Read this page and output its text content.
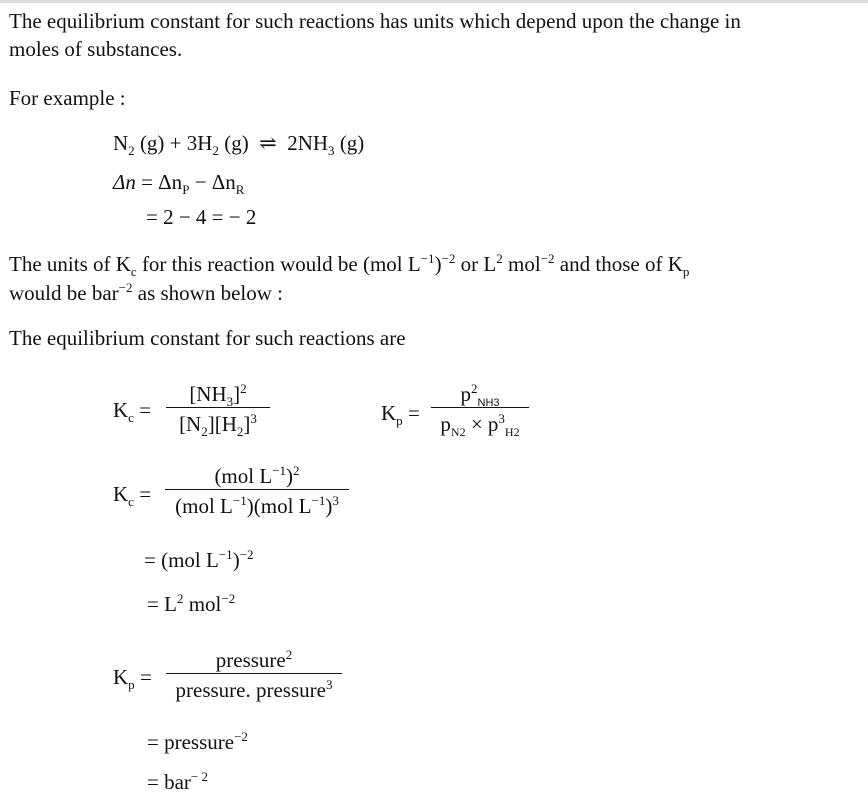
The equilibrium constant for such reactions has units which depend upon the change in
moles of substances.
For example :
$N_2$ $(g) + 3H_2$ (g) ⇌ $2NH_3$ (g)
$\Delta n = \Delta n_P - \Delta n_R$
= 2 − 4 = − 2
The units of $K_c$ for this reaction would be (mol $L^{-1})^{-2}$ or $L^2$ mol$^{-2}$ and those of $K_p$
would be bar$^{-2}$ as shown below :
The equilibrium constant for such reactions are
$K_c = \frac{[NH_3]^2}{[N_2][H_2]^3}$	$K_p = \frac{p^2_{NH3}}{p_{N2} \times p^3_{H2}}$
$K_c$ =
(mol $L^{-1})^2$
(mol $L^{-1})(mol$ $L^{-1})^3$
= (mol $L^{-1})^{-2}$
= $L^2$ mol$^{-2}$
$K_p$ =
pressure$^2$
pressure. pressure$^3$
= pressure$^{-2}$
= bar$^{- 2}$
